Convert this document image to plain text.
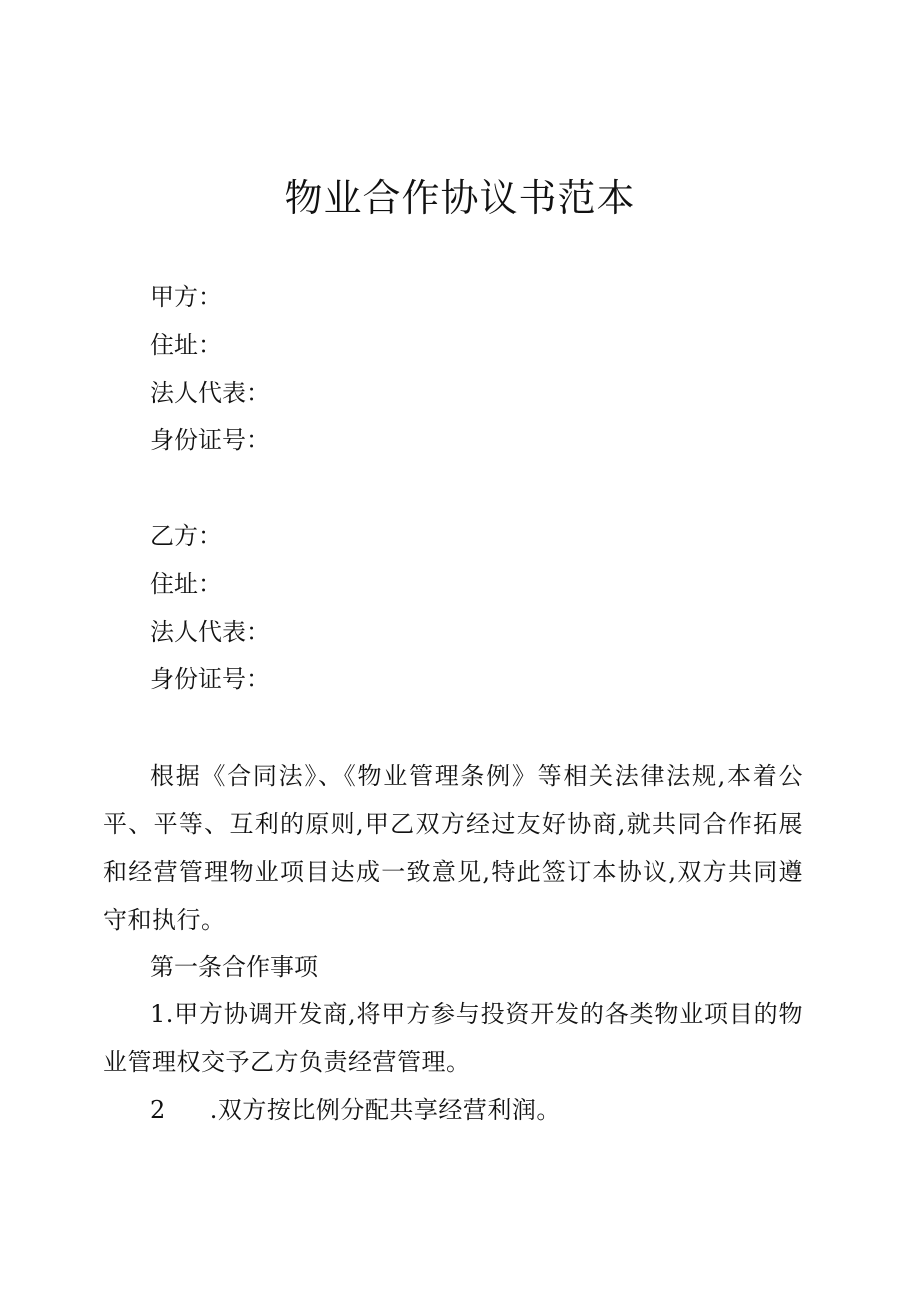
物业合作协议书范本
甲方：
住址：
法人代表：
身份证号：
乙方：
住址：
法人代表：
身份证号：
根据《合同法》、《物业管理条例》等相关法律法规,本着公平、平等、互利的原则,甲乙双方经过友好协商,就共同合作拓展和经营管理物业项目达成一致意见,特此签订本协议,双方共同遵守和执行。
第一条合作事项
1.甲方协调开发商,将甲方参与投资开发的各类物业项目的物业管理权交予乙方负责经营管理。
2 .双方按比例分配共享经营利润。
